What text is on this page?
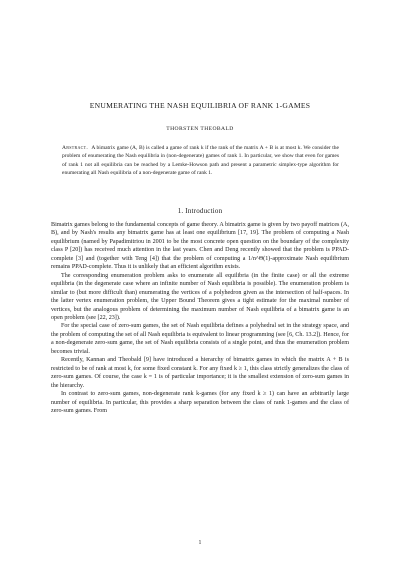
ENUMERATING THE NASH EQUILIBRIA OF RANK 1-GAMES
THORSTEN THEOBALD
Abstract. A bimatrix game (A, B) is called a game of rank k if the rank of the matrix A + B is at most k. We consider the problem of enumerating the Nash equilibria in (non-degenerate) games of rank 1. In particular, we show that even for games of rank 1 not all equilibria can be reached by a Lemke-Howson path and present a parametric simplex-type algorithm for enumerating all Nash equilibria of a non-degenerate game of rank 1.
1. Introduction

Bimatrix games belong to the fundamental concepts of game theory. A bimatrix game is given by two payoff matrices (A, B), and by Nash's results any bimatrix game has at least one equilibrium [17, 19]. The problem of computing a Nash equilibrium (named by Papadimitriou in 2001 to be the most concrete open question on the boundary of the complexity class P [20]) has received much attention in the last years. Chen and Deng recently showed that the problem is PPAD-complete [3] and (together with Teng [4]) that the problem of computing a 1/n^Θ(1)-approximate Nash equilibrium remains PPAD-complete. Thus it is unlikely that an efficient algorithm exists.

The corresponding enumeration problem asks to enumerate all equilibria (in the finite case) or all the extreme equilibria (in the degenerate case where an infinite number of Nash equilibria is possible). The enumeration problem is similar to (but more difficult than) enumerating the vertices of a polyhedron given as the intersection of half-spaces. In the latter vertex enumeration problem, the Upper Bound Theorem gives a tight estimate for the maximal number of vertices, but the analogous problem of determining the maximum number of Nash equilibria of a bimatrix game is an open problem (see [22, 23]).

For the special case of zero-sum games, the set of Nash equilibria defines a polyhedral set in the strategy space, and the problem of computing the set of all Nash equilibria is equivalent to linear programming (see [6, Ch. 13.2]). Hence, for a non-degenerate zero-sum game, the set of Nash equilibria consists of a single point, and thus the enumeration problem becomes trivial.

Recently, Kannan and Theobald [9] have introduced a hierarchy of bimatrix games in which the matrix A + B is restricted to be of rank at most k, for some fixed constant k. For any fixed k ≥ 1, this class strictly generalizes the class of zero-sum games. Of course, the case k = 1 is of particular importance; it is the smallest extension of zero-sum games in the hierarchy.

In contrast to zero-sum games, non-degenerate rank k-games (for any fixed k ≥ 1) can have an arbitrarily large number of equilibria. In particular, this provides a sharp separation between the class of rank 1-games and the class of zero-sum games. From

1
